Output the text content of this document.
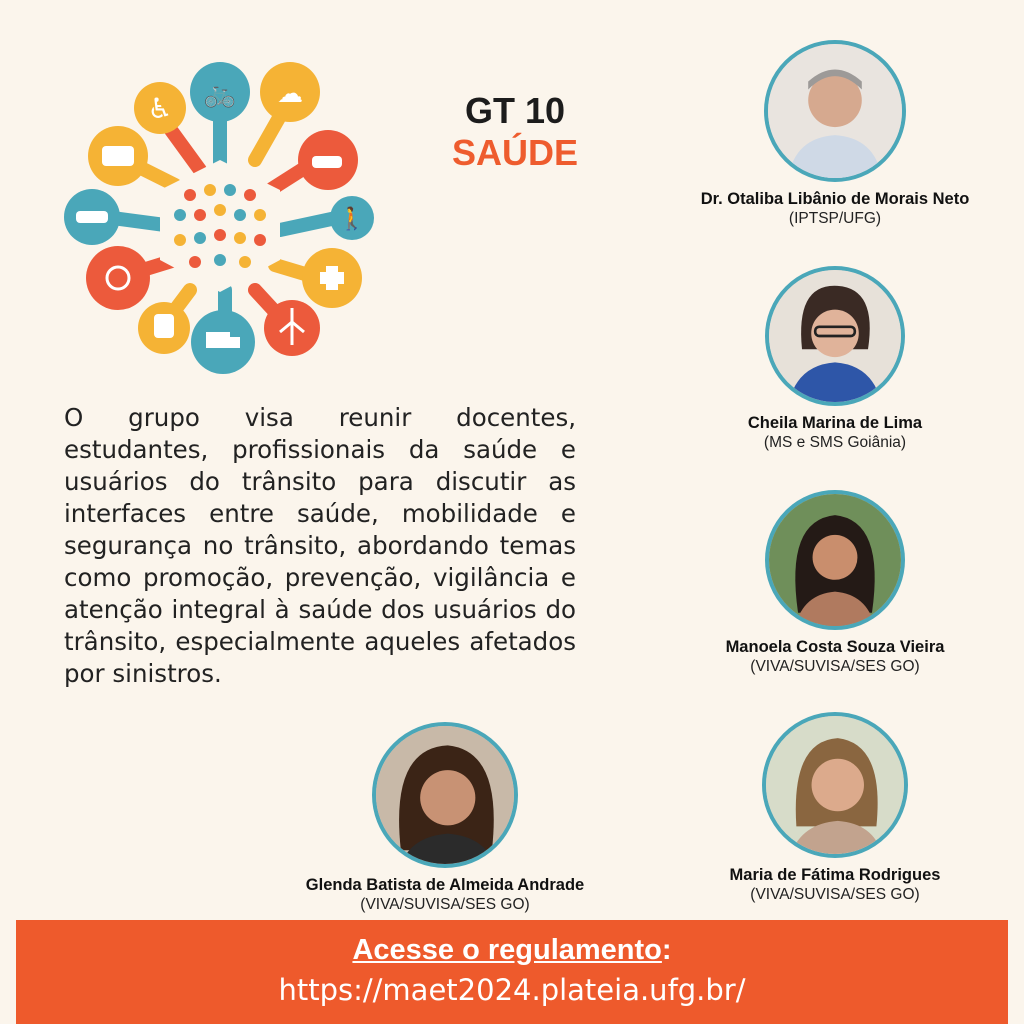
♿ 🚲 ☁
🚶
GT 10
SAÚDE
O grupo visa reunir docentes, estudantes, profissionais da saúde e usuários do trânsito para discutir as interfaces entre saúde, mobilidade e segurança no trânsito, abordando temas como promoção, prevenção, vigilância e atenção integral à saúde dos usuários do trânsito, especialmente aqueles afetados por sinistros.
Dr. Otaliba Libânio de Morais Neto
(IPTSP/UFG)
Cheila Marina de Lima
(MS e SMS Goiânia)
Manoela Costa Souza Vieira
(VIVA/SUVISA/SES GO)
Maria de Fátima Rodrigues
(VIVA/SUVISA/SES GO)
Glenda Batista de Almeida Andrade
(VIVA/SUVISA/SES GO)
Acesse o regulamento:
https://maet2024.plateia.ufg.br/
